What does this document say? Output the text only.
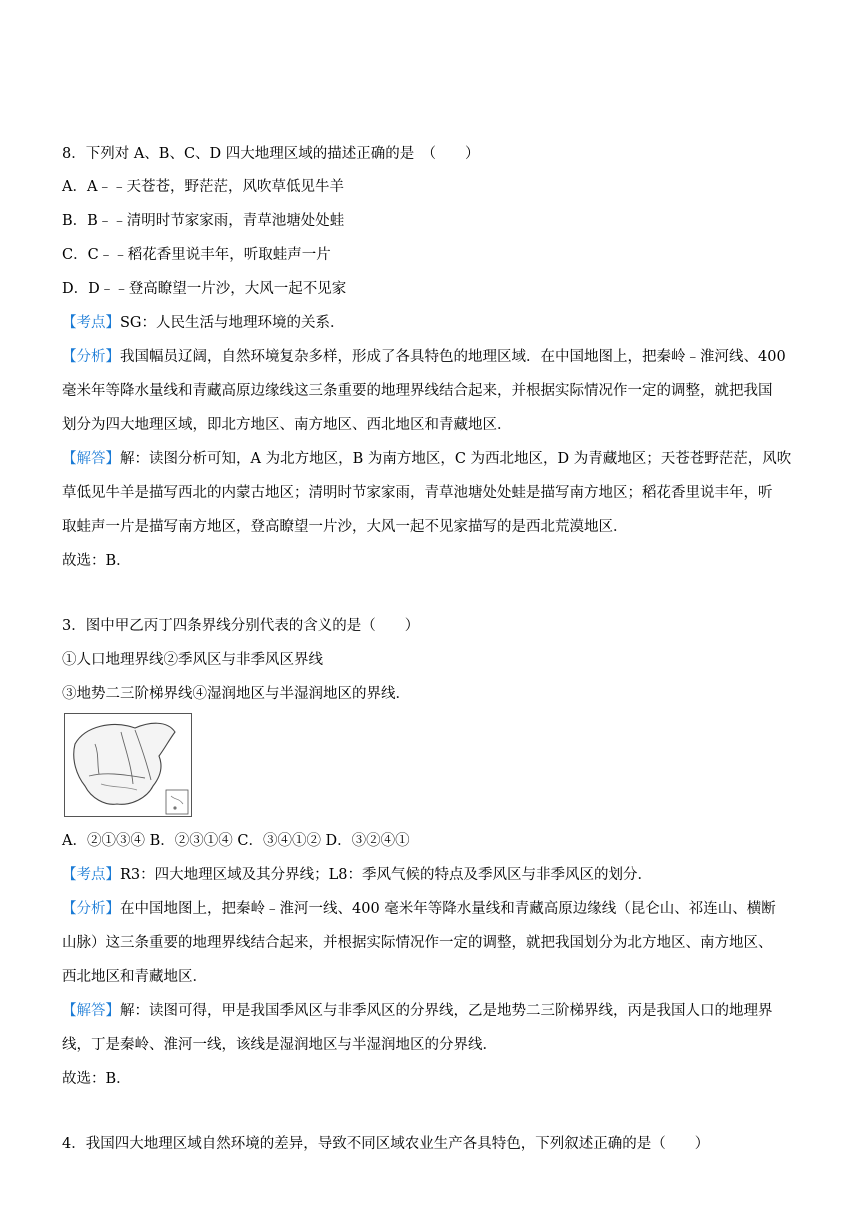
8．下列对 A、B、C、D 四大地理区域的描述正确的是　（　　）
A．A﹣﹣天苍苍，野茫茫，风吹草低见牛羊
B．B﹣﹣清明时节家家雨，青草池塘处处蛙
C．C﹣﹣稻花香里说丰年，听取蛙声一片
D．D﹣﹣登高瞭望一片沙，大风一起不见家
【考点】SG：人民生活与地理环境的关系．
【分析】我国幅员辽阔，自然环境复杂多样，形成了各具特色的地理区域．在中国地图上，把秦岭﹣淮河线、400
毫米年等降水量线和青藏高原边缘线这三条重要的地理界线结合起来，并根据实际情况作一定的调整，就把我国
划分为四大地理区域，即北方地区、南方地区、西北地区和青藏地区．
【解答】解：读图分析可知，A 为北方地区，B 为南方地区，C 为西北地区，D 为青藏地区；天苍苍野茫茫，风吹
草低见牛羊是描写西北的内蒙古地区；清明时节家家雨，青草池塘处处蛙是描写南方地区；稻花香里说丰年，听
取蛙声一片是描写南方地区，登高瞭望一片沙，大风一起不见家描写的是西北荒漠地区．
故选：B．
3．图中甲乙丙丁四条界线分别代表的含义的是（　　）
①人口地理界线②季风区与非季风区界线
③地势二三阶梯界线④湿润地区与半湿润地区的界线．
A．②①③④ B．②③①④ C．③④①② D．③②④①
【考点】R3：四大地理区域及其分界线；L8：季风气候的特点及季风区与非季风区的划分．
【分析】在中国地图上，把秦岭﹣淮河一线、400 毫米年等降水量线和青藏高原边缘线（昆仑山、祁连山、横断
山脉）这三条重要的地理界线结合起来，并根据实际情况作一定的调整，就把我国划分为北方地区、南方地区、
西北地区和青藏地区．
【解答】解：读图可得，甲是我国季风区与非季风区的分界线，乙是地势二三阶梯界线，丙是我国人口的地理界
线，丁是秦岭、淮河一线，该线是湿润地区与半湿润地区的分界线．
故选：B．
4．我国四大地理区域自然环境的差异，导致不同区域农业生产各具特色，下列叙述正确的是（　　）
